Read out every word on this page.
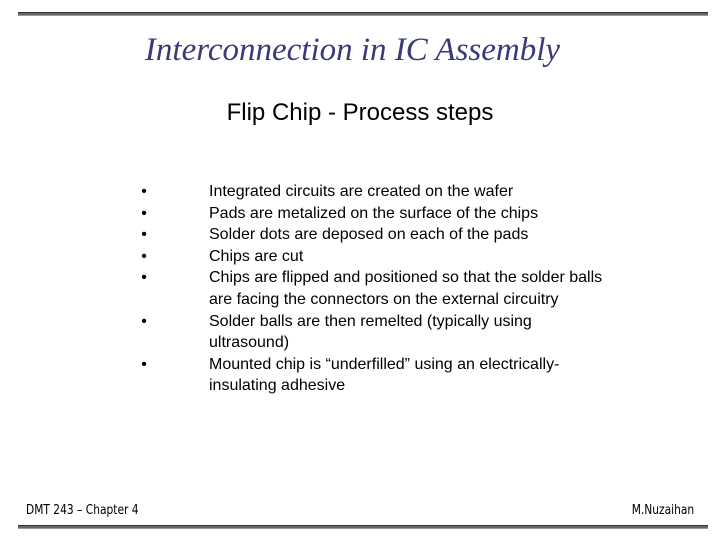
Interconnection in IC Assembly
Flip Chip - Process steps
•	Integrated circuits are created on the wafer
•	Pads are metalized on the surface of the chips
•	Solder dots are deposed on each of the pads
•	Chips are cut
•	Chips are flipped and positioned so that the solder balls are facing the connectors on the external circuitry
•	Solder balls are then remelted (typically using ultrasound)
•	Mounted chip is “underfilled” using an electrically-insulating adhesive
DMT 243 – Chapter 4	M.Nuzaihan
